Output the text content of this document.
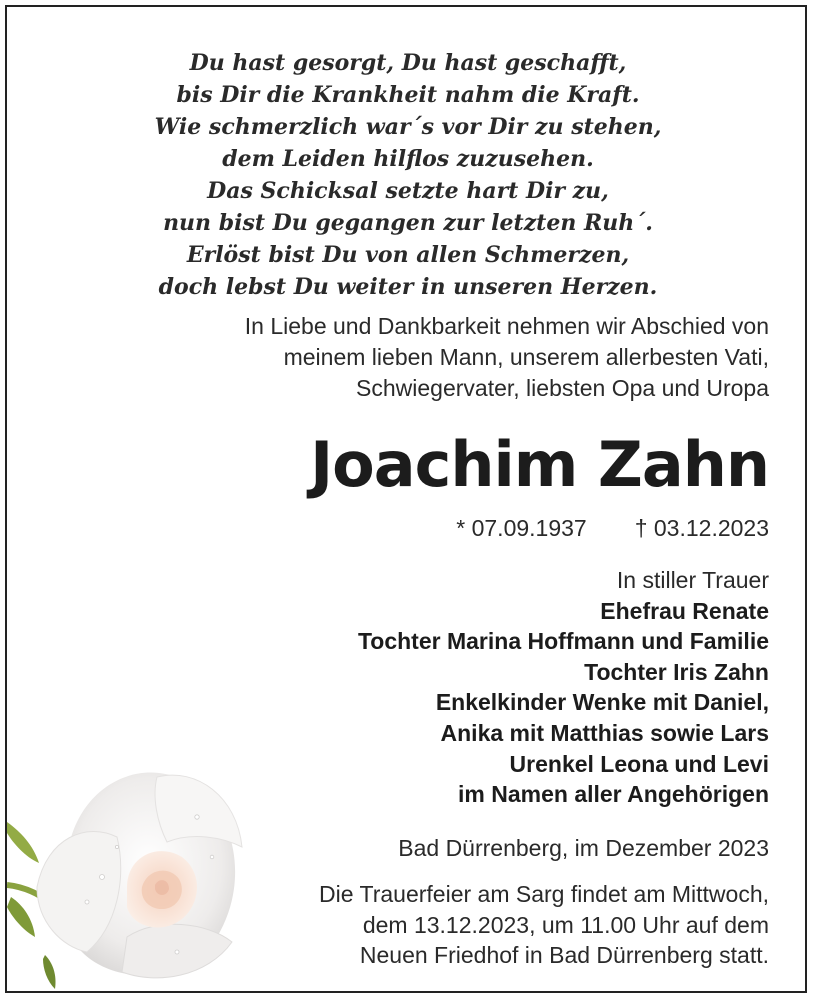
Du hast gesorgt, Du hast geschafft,
bis Dir die Krankheit nahm die Kraft.
Wie schmerzlich war´s vor Dir zu stehen,
dem Leiden hilflos zuzusehen.
Das Schicksal setzte hart Dir zu,
nun bist Du gegangen zur letzten Ruh´.
Erlöst bist Du von allen Schmerzen,
doch lebst Du weiter in unseren Herzen.
In Liebe und Dankbarkeit nehmen wir Abschied von
meinem lieben Mann, unserem allerbesten Vati,
Schwiegervater, liebsten Opa und Uropa
Joachim Zahn
* 07.09.1937 † 03.12.2023
In stiller Trauer
Ehefrau Renate
Tochter Marina Hoffmann und Familie
Tochter Iris Zahn
Enkelkinder Wenke mit Daniel,
Anika mit Matthias sowie Lars
Urenkel Leona und Levi
im Namen aller Angehörigen
Bad Dürrenberg, im Dezember 2023
Die Trauerfeier am Sarg findet am Mittwoch,
dem 13.12.2023, um 11.00 Uhr auf dem
Neuen Friedhof in Bad Dürrenberg statt.
